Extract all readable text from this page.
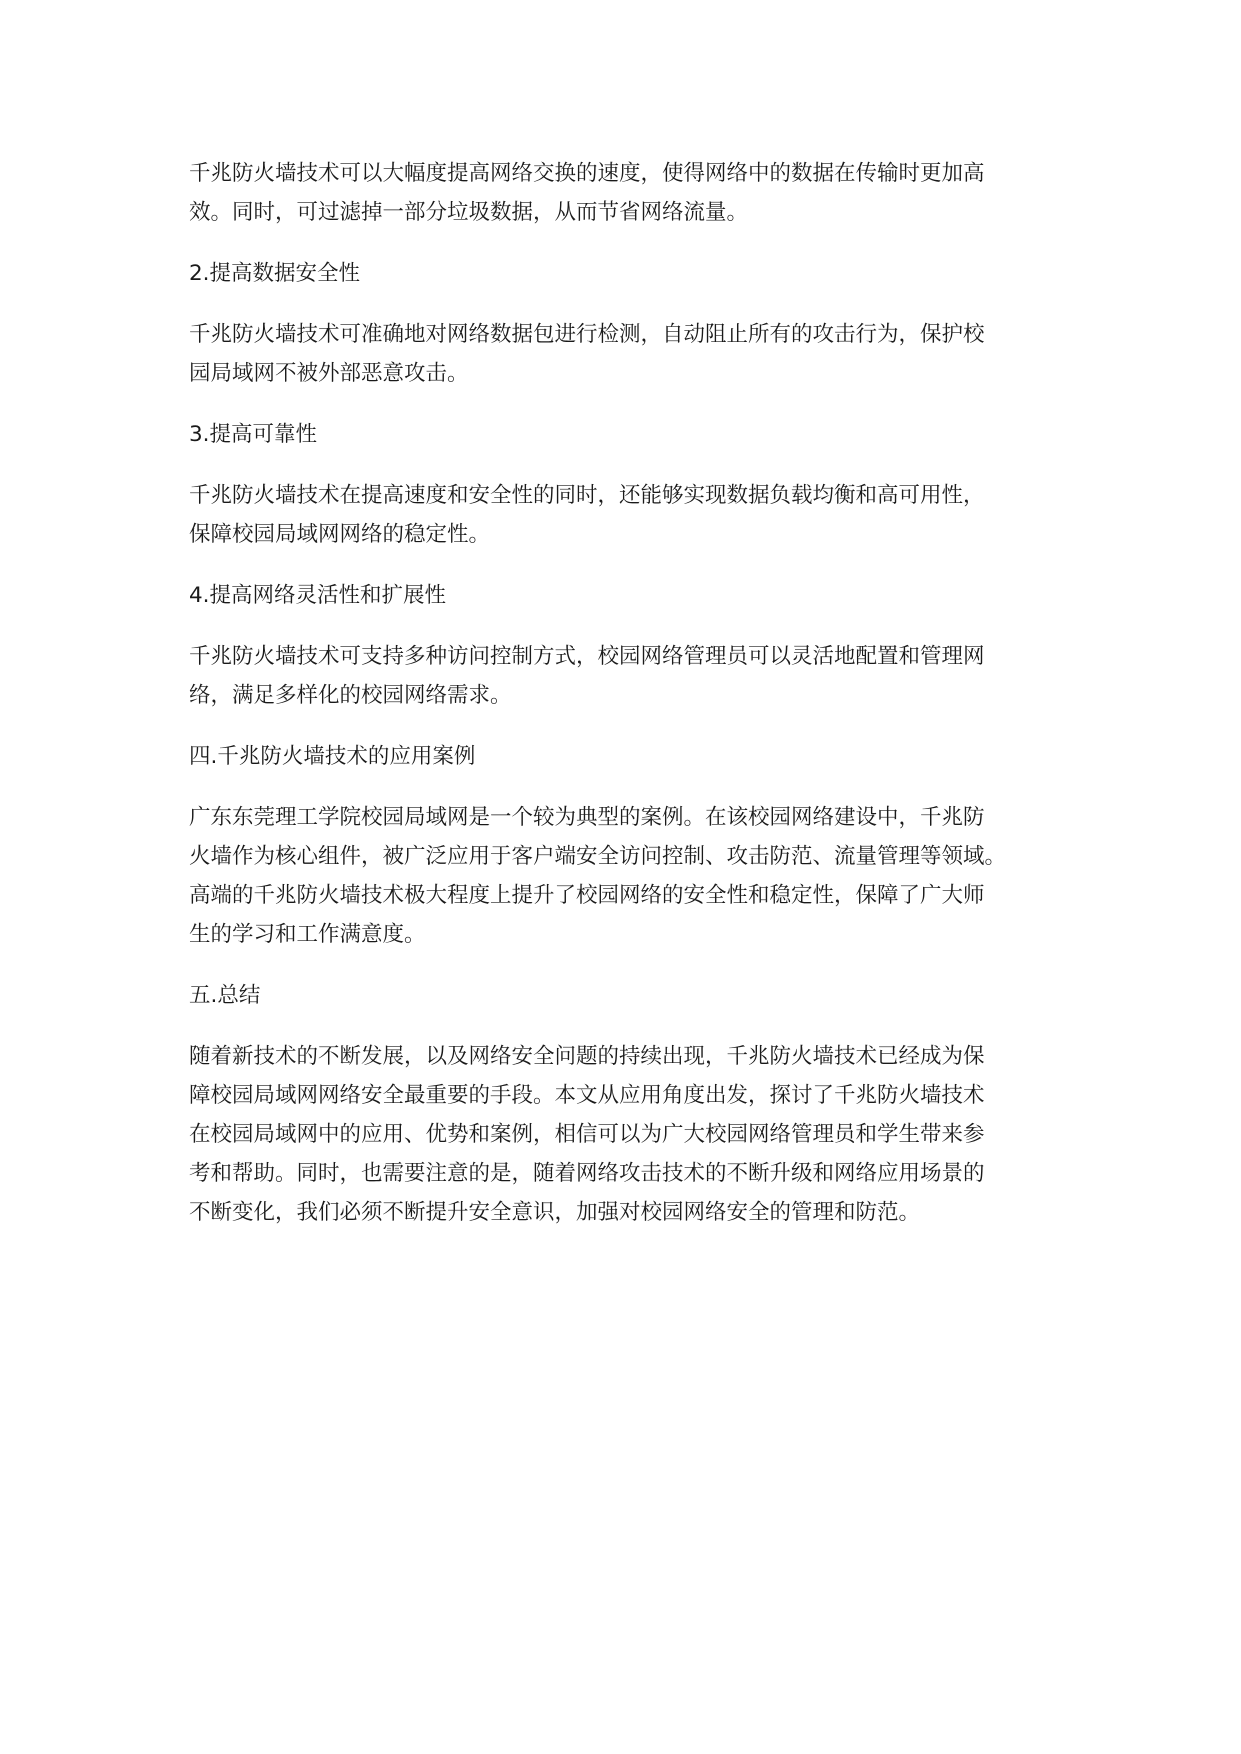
千兆防火墙技术可以大幅度提高网络交换的速度，使得网络中的数据在传输时更加高
效。同时，可过滤掉一部分垃圾数据，从而节省网络流量。

2.提高数据安全性

千兆防火墙技术可准确地对网络数据包进行检测，自动阻止所有的攻击行为，保护校
园局域网不被外部恶意攻击。

3.提高可靠性

千兆防火墙技术在提高速度和安全性的同时，还能够实现数据负载均衡和高可用性，
保障校园局域网网络的稳定性。

4.提高网络灵活性和扩展性

千兆防火墙技术可支持多种访问控制方式，校园网络管理员可以灵活地配置和管理网
络，满足多样化的校园网络需求。

四.千兆防火墙技术的应用案例

广东东莞理工学院校园局域网是一个较为典型的案例。在该校园网络建设中，千兆防
火墙作为核心组件，被广泛应用于客户端安全访问控制、攻击防范、流量管理等领域。
高端的千兆防火墙技术极大程度上提升了校园网络的安全性和稳定性，保障了广大师
生的学习和工作满意度。

五.总结

随着新技术的不断发展，以及网络安全问题的持续出现，千兆防火墙技术已经成为保
障校园局域网网络安全最重要的手段。本文从应用角度出发，探讨了千兆防火墙技术
在校园局域网中的应用、优势和案例，相信可以为广大校园网络管理员和学生带来参
考和帮助。同时，也需要注意的是，随着网络攻击技术的不断升级和网络应用场景的
不断变化，我们必须不断提升安全意识，加强对校园网络安全的管理和防范。
